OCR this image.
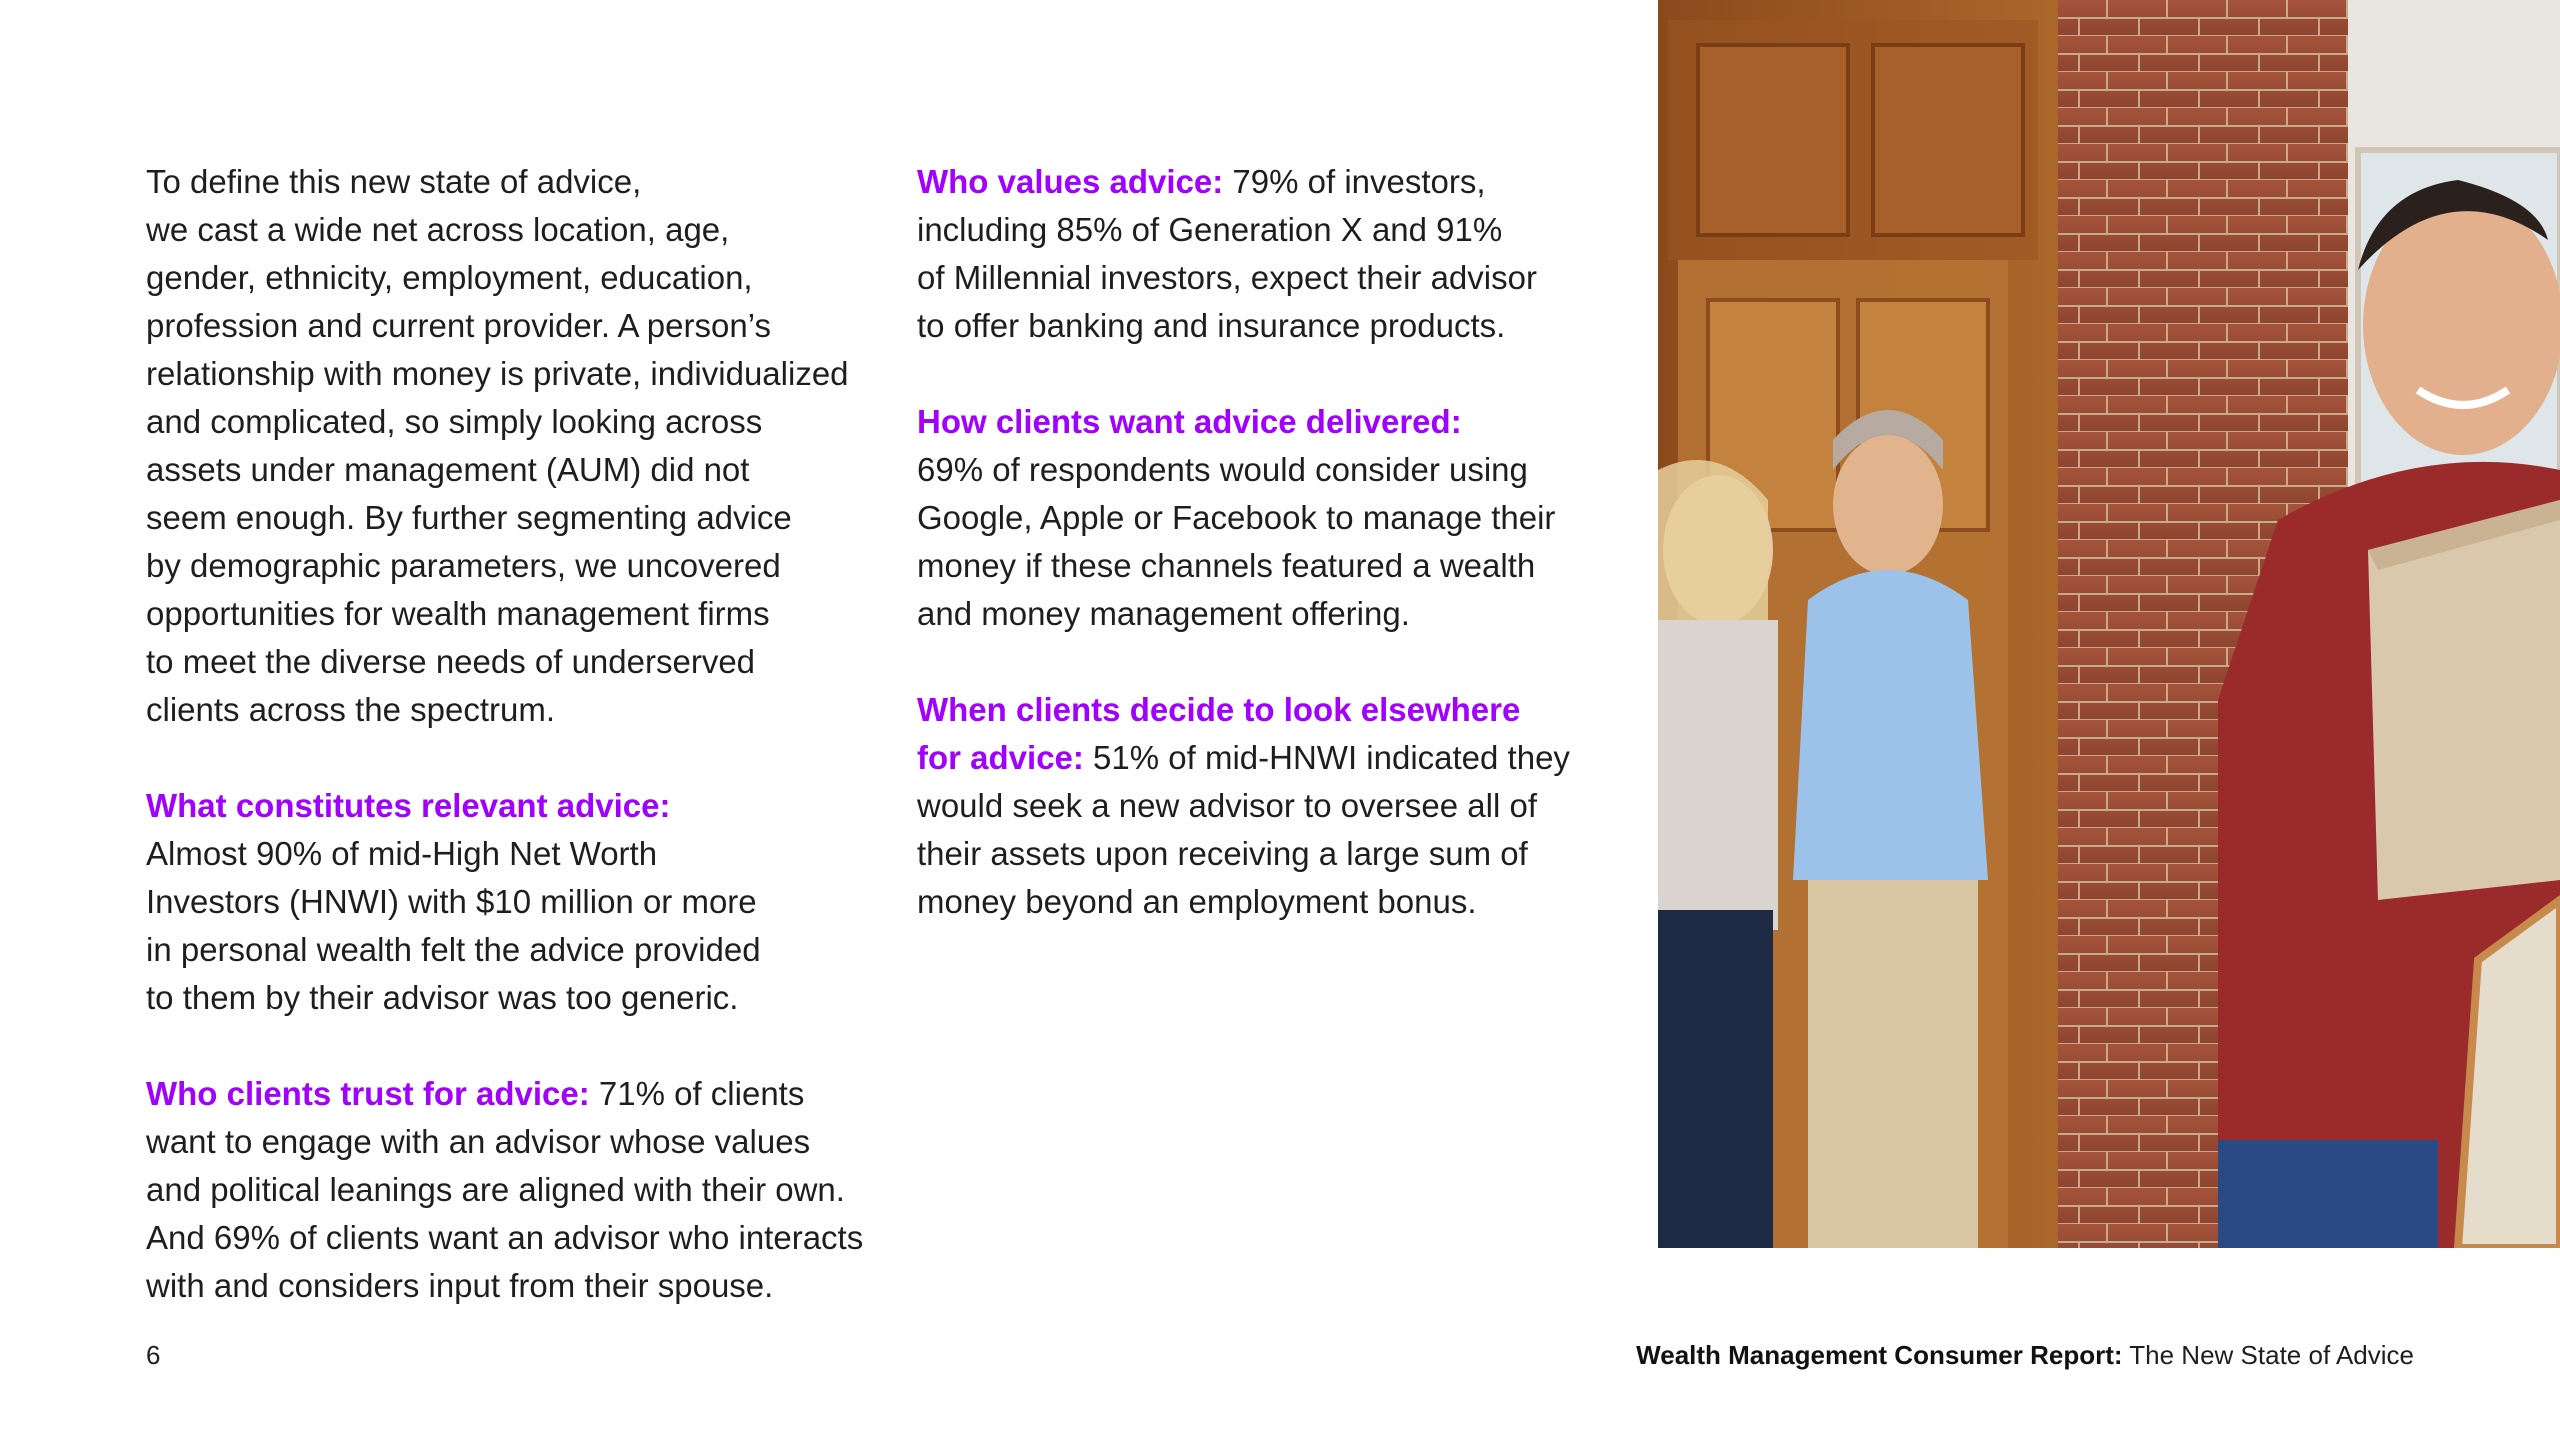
To define this new state of advice,
we cast a wide net across location, age,
gender, ethnicity, employment, education,
profession and current provider. A person’s
relationship with money is private, individualized
and complicated, so simply looking across
assets under management (AUM) did not
seem enough. By further segmenting advice
by demographic parameters, we uncovered
opportunities for wealth management firms
to meet the diverse needs of underserved
clients across the spectrum.

What constitutes relevant advice:
Almost 90% of mid-High Net Worth
Investors (HNWI) with $10 million or more
in personal wealth felt the advice provided
to them by their advisor was too generic.

Who clients trust for advice: 71% of clients
want to engage with an advisor whose values
and political leanings are aligned with their own.
And 69% of clients want an advisor who interacts
with and considers input from their spouse.

Who values advice: 79% of investors,
including 85% of Generation X and 91%
of Millennial investors, expect their advisor
to offer banking and insurance products.

How clients want advice delivered:
69% of respondents would consider using
Google, Apple or Facebook to manage their
money if these channels featured a wealth
and money management offering.

When clients decide to look elsewhere
for advice: 51% of mid-HNWI indicated they
would seek a new advisor to oversee all of
their assets upon receiving a large sum of
money beyond an employment bonus.

6	Wealth Management Consumer Report: The New State of Advice
